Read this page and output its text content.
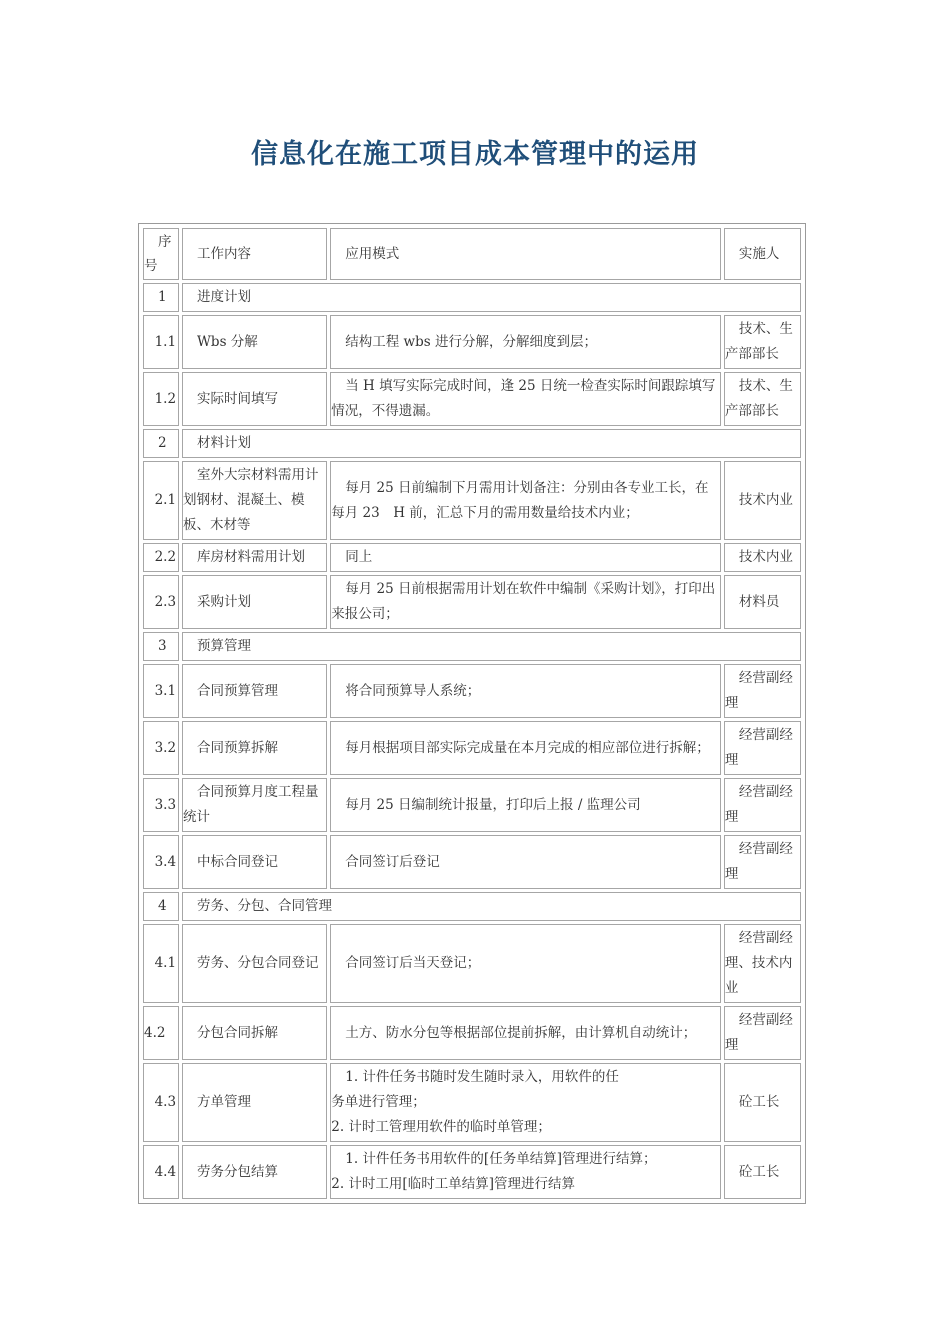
信息化在施工项目成本管理中的运用
序号	工作内容	应用模式	实施人
1	进度计划		
1.1	Wbs 分解	结构工程 wbs 进行分解，分解细度到层；	技术、生产部部长
1.2	实际时间填写	当 H 填写实际完成时间，逢 25 日统一检查实际时间跟踪填写情况，不得遗漏。	技术、生产部部长
2	材料计划		
2.1	室外大宗材料需用计划钢材、混凝土、模板、木材等	每月 25 日前编制下月需用计划备注：分别由各专业工长，在每月 23　H 前，汇总下月的需用数量给技术内业；	技术内业
2.2	库房材料需用计划	同上	技术内业
2.3	采购计划	每月 25 日前根据需用计划在软件中编制《采购计划》，打印出来报公司；	材料员
3	预算管理		
3.1	合同预算管理	将合同预算导人系统；	经营副经理
3.2	合同预算拆解	每月根据项目部实际完成量在本月完成的相应部位进行拆解；	经营副经理
3.3	合同预算月度工程量统计	每月 25 日编制统计报量，打印后上报 / 监理公司	经营副经理
3.4	中标合同登记	合同签订后登记	经营副经理
4	劳务、分包、合同管理		
4.1	劳务、分包合同登记	合同签订后当天登记；	经营副经理、技术内业
4.2	分包合同拆解	土方、防水分包等根据部位提前拆解，由计算机自动统计；	经营副经理
4.3	方单管理	1. 计件任务书随时发生随时录入，用软件的任
务单进行管理；
2. 计时工管理用软件的临时单管理；	砼工长
4.4	劳务分包结算	1. 计件任务书用软件的[任务单结算]管理进行结算；
2. 计时工用[临时工单结算]管理进行结算	砼工长
